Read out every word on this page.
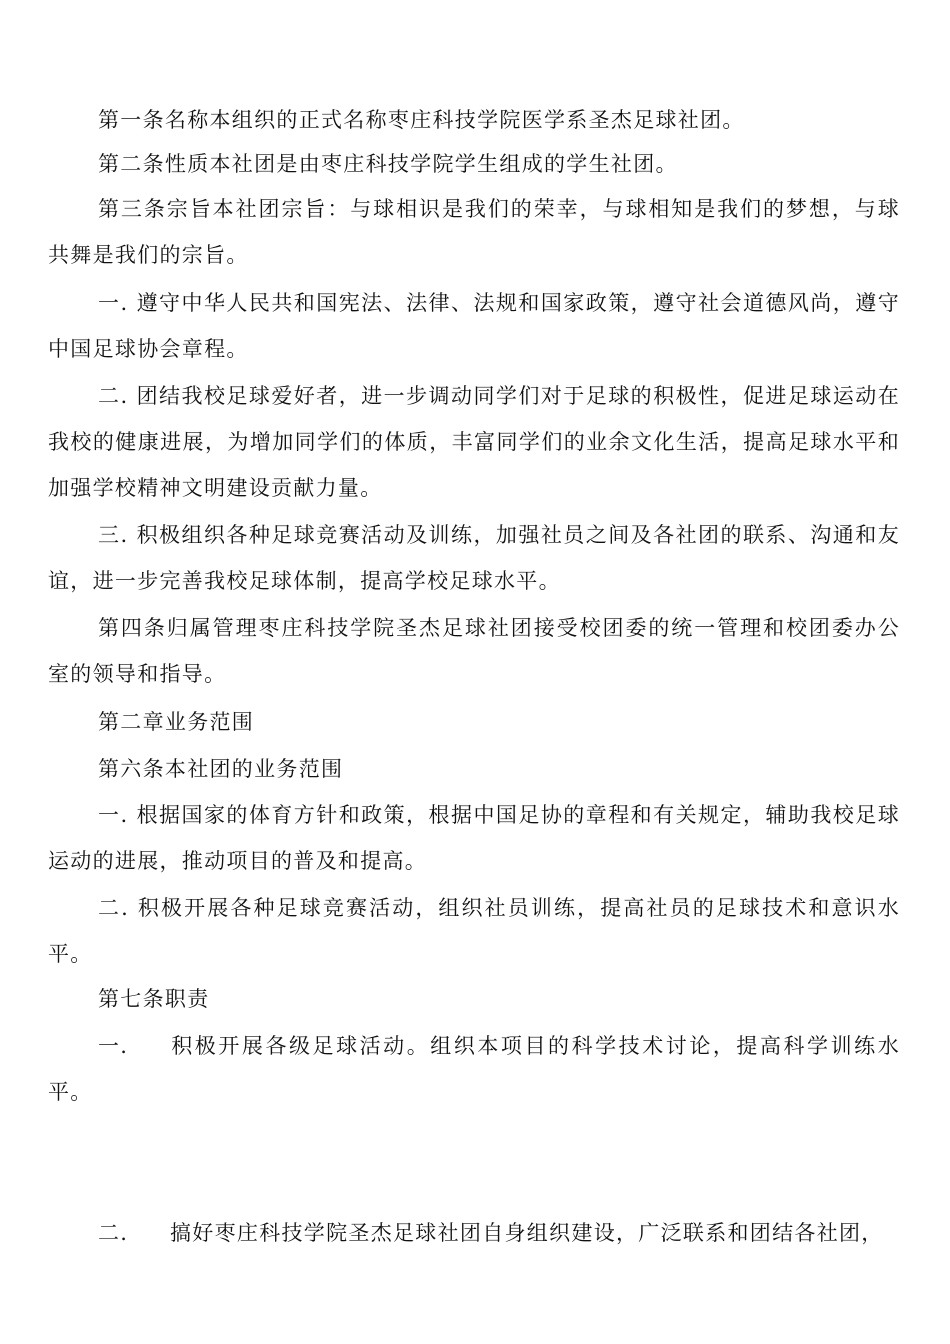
第一条名称本组织的正式名称枣庄科技学院医学系圣杰足球社团。

第二条性质本社团是由枣庄科技学院学生组成的学生社团。

第三条宗旨本社团宗旨：与球相识是我们的荣幸，与球相知是我们的梦想，与球共舞是我们的宗旨。

一. 遵守中华人民共和国宪法、法律、法规和国家政策，遵守社会道德风尚，遵守中国足球协会章程。

二. 团结我校足球爱好者，进一步调动同学们对于足球的积极性，促进足球运动在我校的健康进展，为增加同学们的体质，丰富同学们的业余文化生活，提高足球水平和加强学校精神文明建设贡献力量。

三. 积极组织各种足球竞赛活动及训练，加强社员之间及各社团的联系、沟通和友谊，进一步完善我校足球体制，提高学校足球水平。

第四条归属管理枣庄科技学院圣杰足球社团接受校团委的统一管理和校团委办公室的领导和指导。

第二章业务范围

第六条本社团的业务范围

一. 根据国家的体育方针和政策，根据中国足协的章程和有关规定，辅助我校足球运动的进展，推动项目的普及和提高。

二. 积极开展各种足球竞赛活动，组织社员训练，提高社员的足球技术和意识水平。

第七条职责

一. 积极开展各级足球活动。组织本项目的科学技术讨论，提高科学训练水平。

二. 搞好枣庄科技学院圣杰足球社团自身组织建设，广泛联系和团结各社团，
